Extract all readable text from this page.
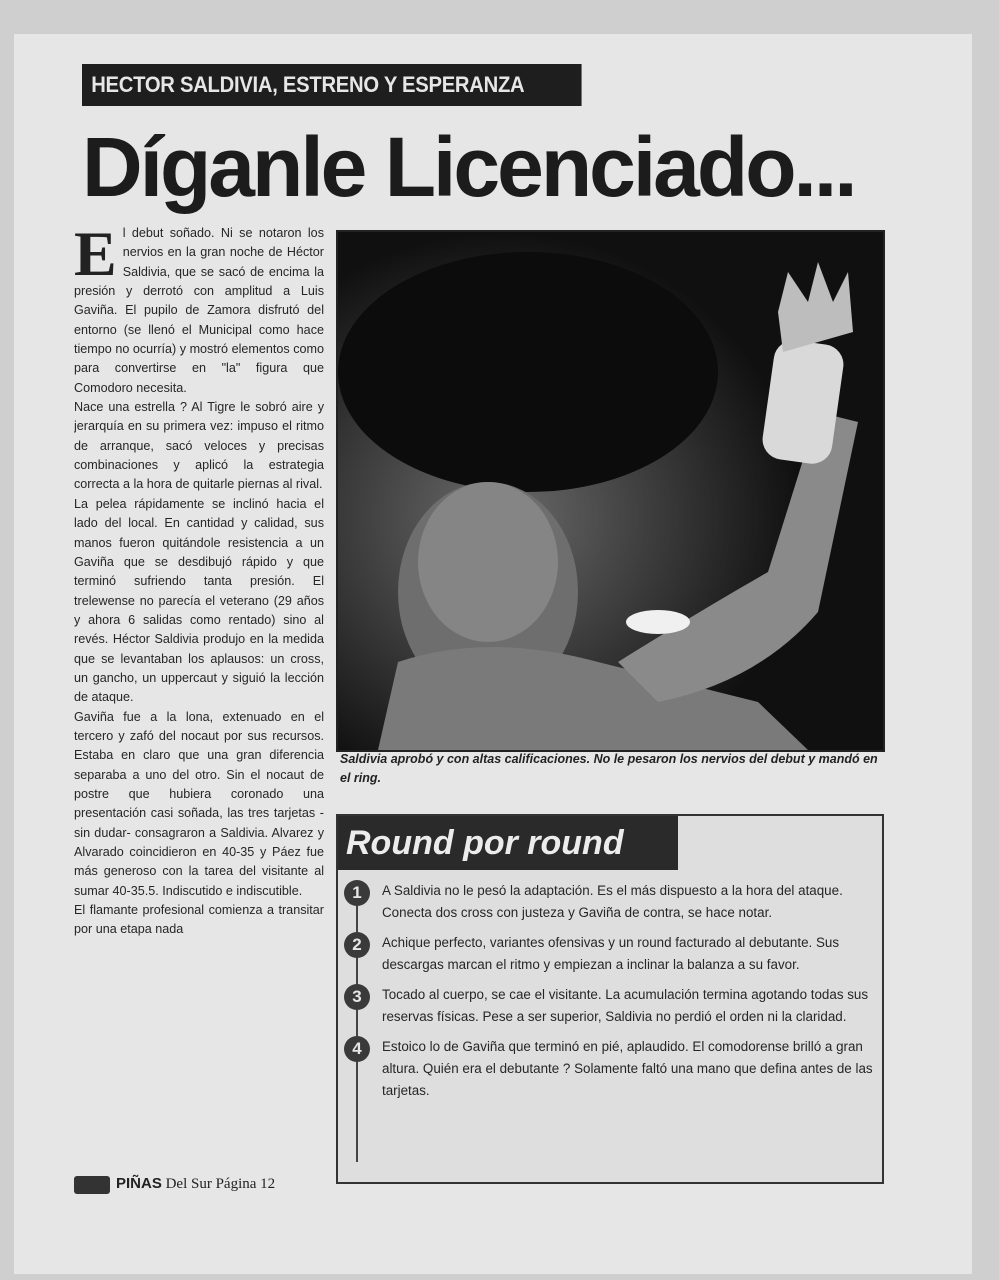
HECTOR SALDIVIA, ESTRENO Y ESPERANZA
Díganle Licenciado...

El debut soñado. Ni se notaron los nervios en la gran noche de Héctor Saldivia, que se sacó de encima la presión y derrotó con amplitud a Luis Gaviña. El pupilo de Zamora disfrutó del entorno (se llenó el Municipal como hace tiempo no ocurría) y mostró elementos como para convertirse en "la" figura que Comodoro necesita.

Nace una estrella ? Al Tigre le sobró aire y jerarquía en su primera vez: impuso el ritmo de arranque, sacó veloces y precisas combinaciones y aplicó la estrategia correcta a la hora de quitarle piernas al rival.

La pelea rápidamente se inclinó hacia el lado del local. En cantidad y calidad, sus manos fueron quitándole resistencia a un Gaviña que se desdibujó rápido y que terminó sufriendo tanta presión. El trelewense no parecía el veterano (29 años y ahora 6 salidas como rentado) sino al revés. Héctor Saldivia produjo en la medida que se levantaban los aplausos: un cross, un gancho, un uppercaut y siguió la lección de ataque.

Gaviña fue a la lona, extenuado en el tercero y zafó del nocaut por sus recursos. Estaba en claro que una gran diferencia separaba a uno del otro. Sin el nocaut de postre que hubiera coronado una presentación casi soñada, las tres tarjetas -sin dudar- consagraron a Saldivia. Alvarez y Alvarado coincidieron en 40-35 y Páez fue más generoso con la tarea del visitante al sumar 40-35.5. Indiscutido e indiscutible.

El flamante profesional comienza a transitar por una etapa nada

Saldivia aprobó y con altas calificaciones. No le pesaron los nervios del debut y mandó en el ring.
Round por round
1	A Saldivia no le pesó la adaptación. Es el más dispuesto a la hora del ataque. Conecta dos cross con justeza y Gaviña de contra, se hace notar.
2	Achique perfecto, variantes ofensivas y un round facturado al debutante. Sus descargas marcan el ritmo y empiezan a inclinar la balanza a su favor.
3	Tocado al cuerpo, se cae el visitante. La acumulación termina agotando todas sus reservas físicas. Pese a ser superior, Saldivia no perdió el orden ni la claridad.
4	Estoico lo de Gaviña que terminó en pié, aplaudido. El comodorense brilló a gran altura. Quién era el debutante ? Solamente faltó una mano que defina antes de las tarjetas.
PIÑAS Del Sur Página 12
